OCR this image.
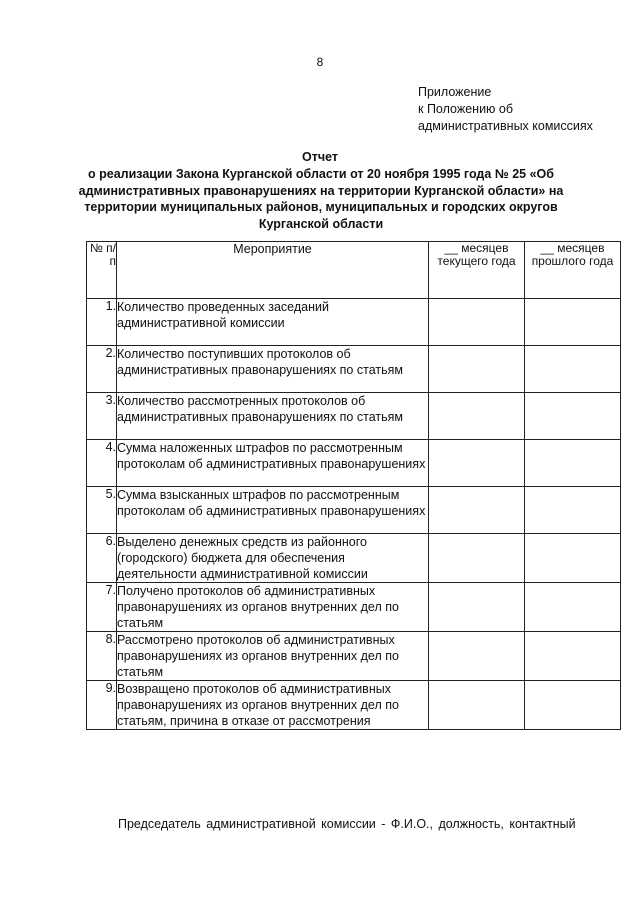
8
Приложение
к Положению об
административных комиссиях
Отчет
о реализации Закона Курганской области от 20 ноября 1995 года № 25 «Об административных правонарушениях на территории Курганской области» на территории муниципальных районов, муниципальных и городских округов Курганской области
№ п/п	Мероприятие	__ месяцев текущего года	__ месяцев прошлого года
1.	Количество проведенных заседаний административной комиссии		
2.	Количество поступивших протоколов об административных правонарушениях по статьям		
3.	Количество рассмотренных протоколов об административных правонарушениях по статьям		
4.	Сумма наложенных штрафов по рассмотренным протоколам об административных правонарушениях		
5.	Сумма взысканных штрафов по рассмотренным протоколам об административных правонарушениях		
6.	Выделено денежных средств из районного (городского) бюджета для обеспечения деятельности административной комиссии		
7.	Получено протоколов об административных правонарушениях из органов внутренних дел по статьям		
8.	Рассмотрено протоколов об административных правонарушениях из органов внутренних дел по статьям		
9.	Возвращено протоколов об административных правонарушениях из органов внутренних дел по статьям, причина в отказе от рассмотрения		
Председатель административной комиссии - Ф.И.О., должность, контактный
